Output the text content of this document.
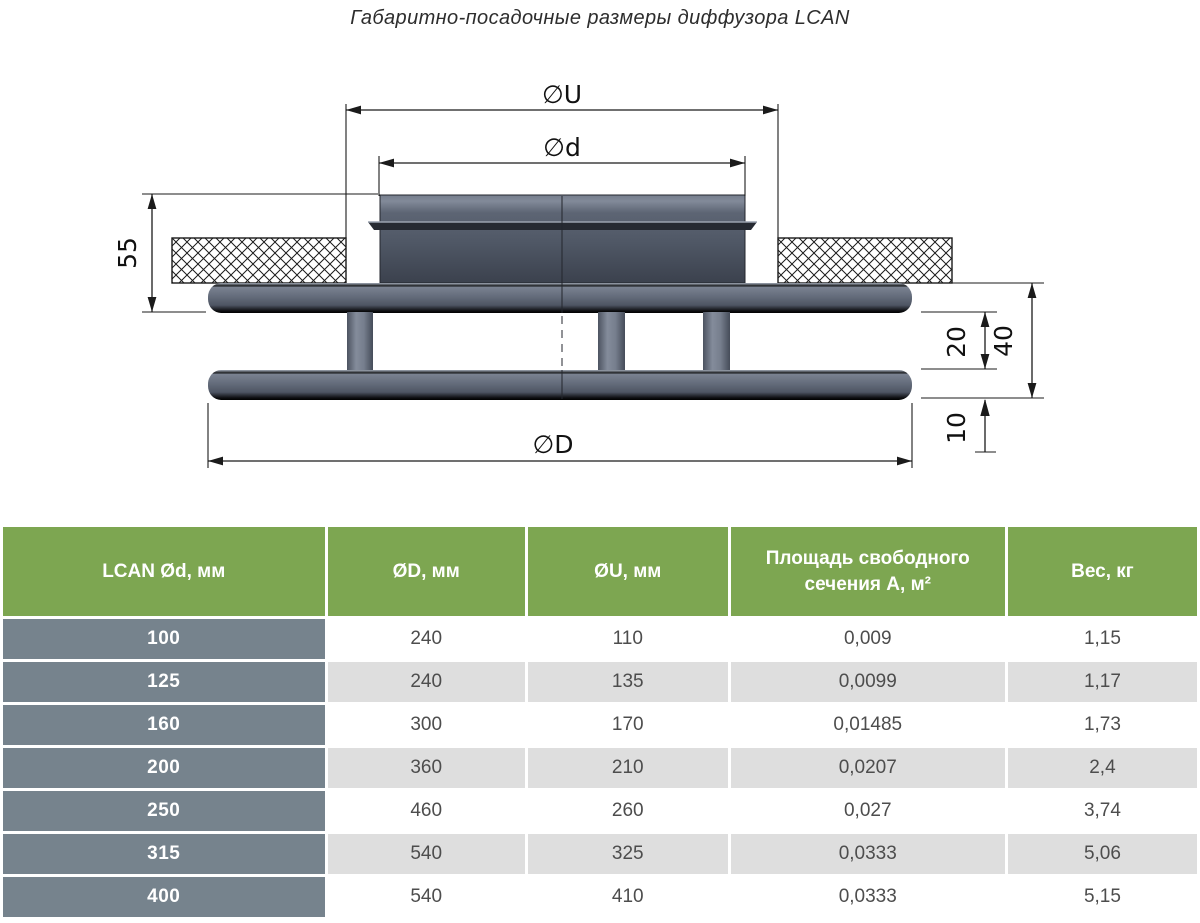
Габаритно-посадочные размеры диффузора LCAN
∅U
∅d
55
20 40
10
∅D
LCAN Ød, мм	ØD, мм	ØU, мм	Площадь свободного сечения А, м²	Вес, кг
100	240	110	0,009	1,15
125	240	135	0,0099	1,17
160	300	170	0,01485	1,73
200	360	210	0,0207	2,4
250	460	260	0,027	3,74
315	540	325	0,0333	5,06
400	540	410	0,0333	5,15
